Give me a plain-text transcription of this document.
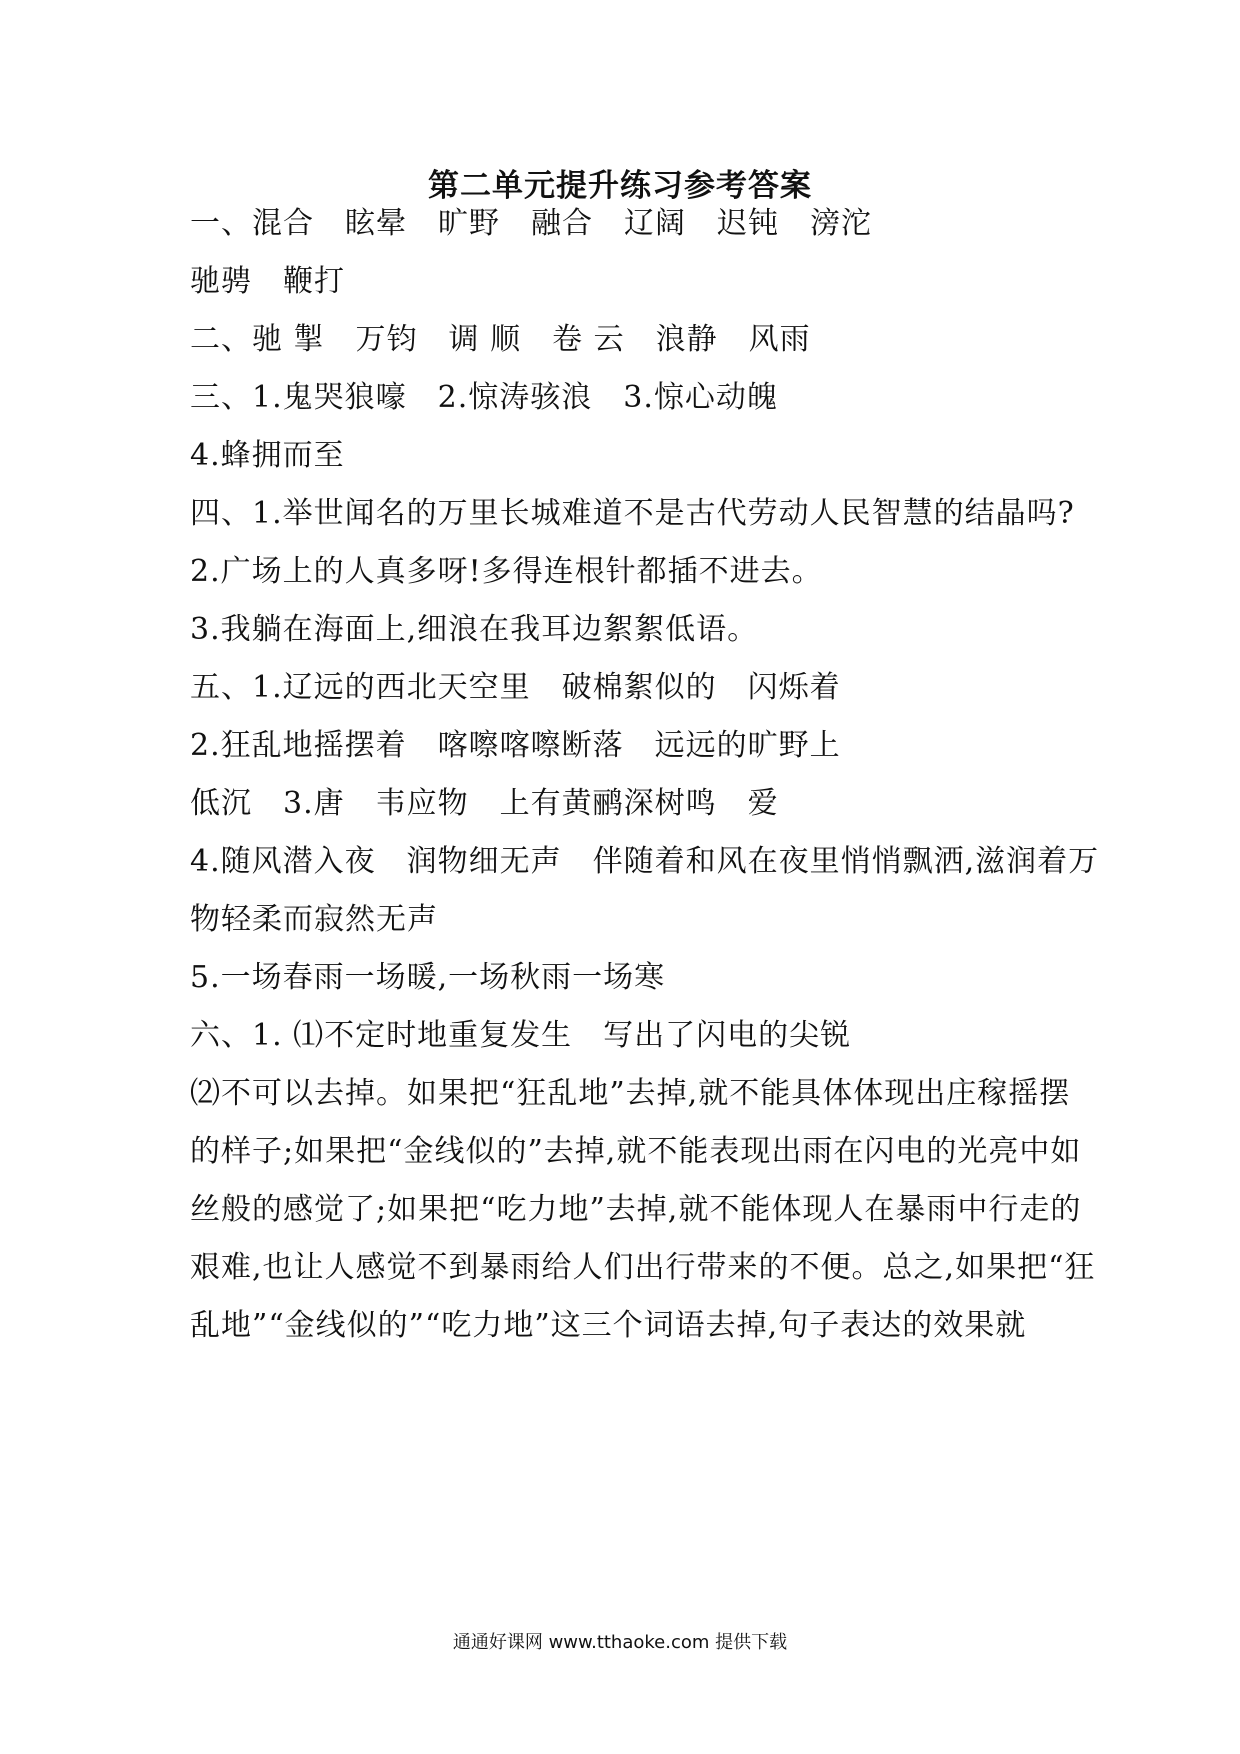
第二单元提升练习参考答案
一、混合　眩晕　旷野　融合　辽阔　迟钝　滂沱
驰骋　鞭打
二、驰 掣　万钧　调 顺　卷 云　浪静　风雨
三、1.鬼哭狼嚎　2.惊涛骇浪　3.惊心动魄
4.蜂拥而至
四、1.举世闻名的万里长城难道不是古代劳动人民智慧的结晶吗?
2.广场上的人真多呀!多得连根针都插不进去。
3.我躺在海面上,细浪在我耳边絮絮低语。
五、1.辽远的西北天空里　破棉絮似的　闪烁着
2.狂乱地摇摆着　喀嚓喀嚓断落　远远的旷野上
低沉　3.唐　韦应物　上有黄鹂深树鸣　爱
4.随风潜入夜　润物细无声　伴随着和风在夜里悄悄飘洒,滋润着万
物轻柔而寂然无声
5.一场春雨一场暖,一场秋雨一场寒
六、1. ⑴不定时地重复发生　写出了闪电的尖锐
⑵不可以去掉。如果把“狂乱地”去掉,就不能具体体现出庄稼摇摆
的样子;如果把“金线似的”去掉,就不能表现出雨在闪电的光亮中如
丝般的感觉了;如果把“吃力地”去掉,就不能体现人在暴雨中行走的
艰难,也让人感觉不到暴雨给人们出行带来的不便。总之,如果把“狂
乱地”“金线似的”“吃力地”这三个词语去掉,句子表达的效果就
通通好课网 www.tthaoke.com 提供下载
